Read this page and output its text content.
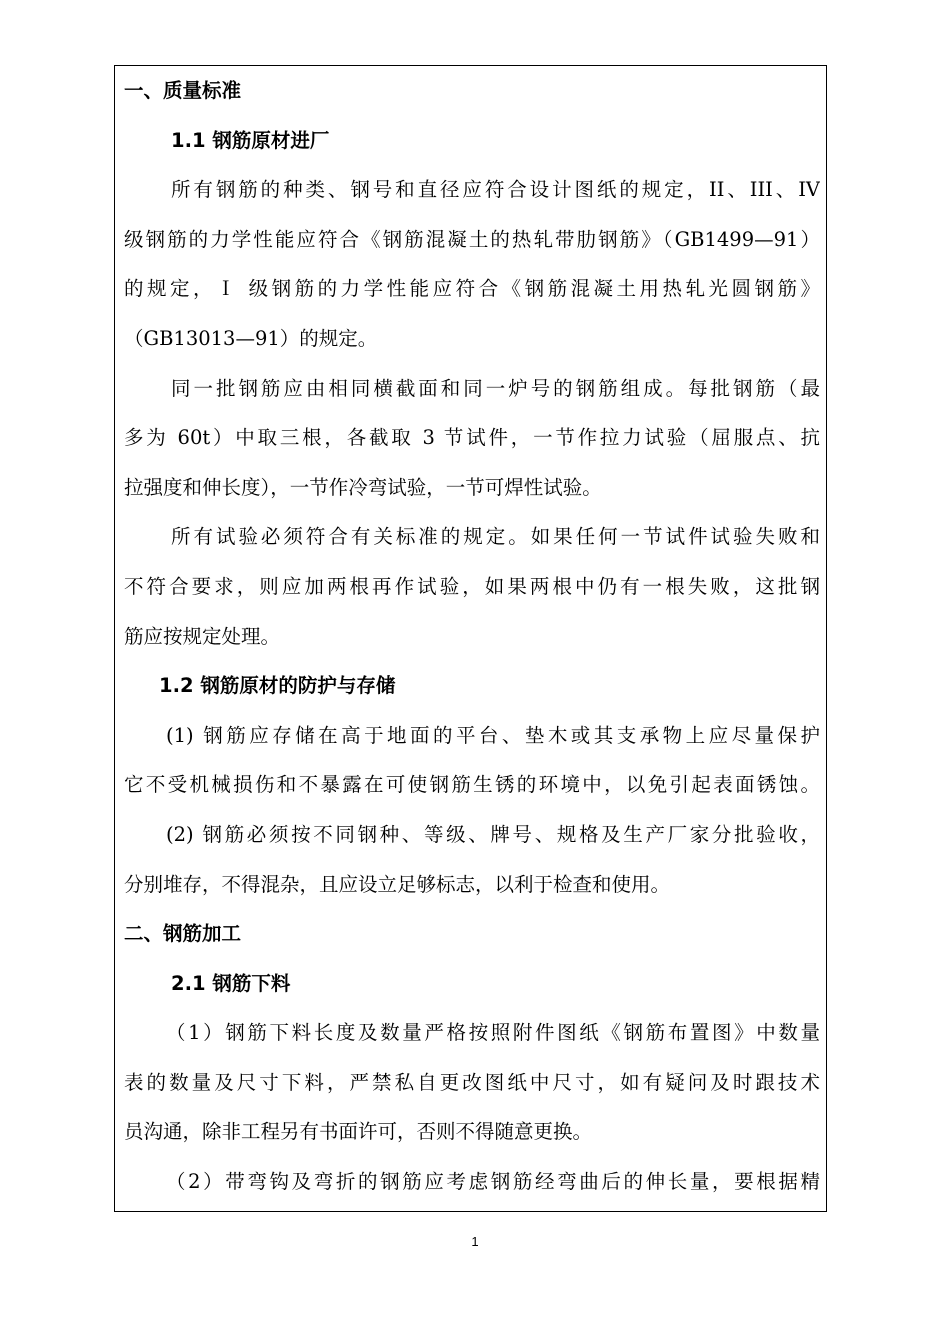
一、质量标准
1.1 钢筋原材进厂
所有钢筋的种类、钢号和直径应符合设计图纸的规定，II、III、IV
级钢筋的力学性能应符合《钢筋混凝土的热轧带肋钢筋》（GB1499—91）
的规定，Ｉ 级钢筋的力学性能应符合《钢筋混凝土用热轧光圆钢筋》
（GB13013—91）的规定。
同一批钢筋应由相同横截面和同一炉号的钢筋组成。每批钢筋（最
多为 60t）中取三根，各截取 3 节试件，一节作拉力试验（屈服点、抗
拉强度和伸长度），一节作冷弯试验，一节可焊性试验。
所有试验必须符合有关标准的规定。如果任何一节试件试验失败和
不符合要求，则应加两根再作试验，如果两根中仍有一根失败，这批钢
筋应按规定处理。
1.2 钢筋原材的防护与存储
(1) 钢筋应存储在高于地面的平台、垫木或其支承物上应尽量保护
它不受机械损伤和不暴露在可使钢筋生锈的环境中，以免引起表面锈蚀。
(2) 钢筋必须按不同钢种、等级、牌号、规格及生产厂家分批验收，
分别堆存，不得混杂，且应设立足够标志，以利于检查和使用。
二、钢筋加工
2.1 钢筋下料
（1）钢筋下料长度及数量严格按照附件图纸《钢筋布置图》中数量
表的数量及尺寸下料，严禁私自更改图纸中尺寸，如有疑问及时跟技术
员沟通，除非工程另有书面许可，否则不得随意更换。
（2）带弯钩及弯折的钢筋应考虑钢筋经弯曲后的伸长量，要根据精
1
